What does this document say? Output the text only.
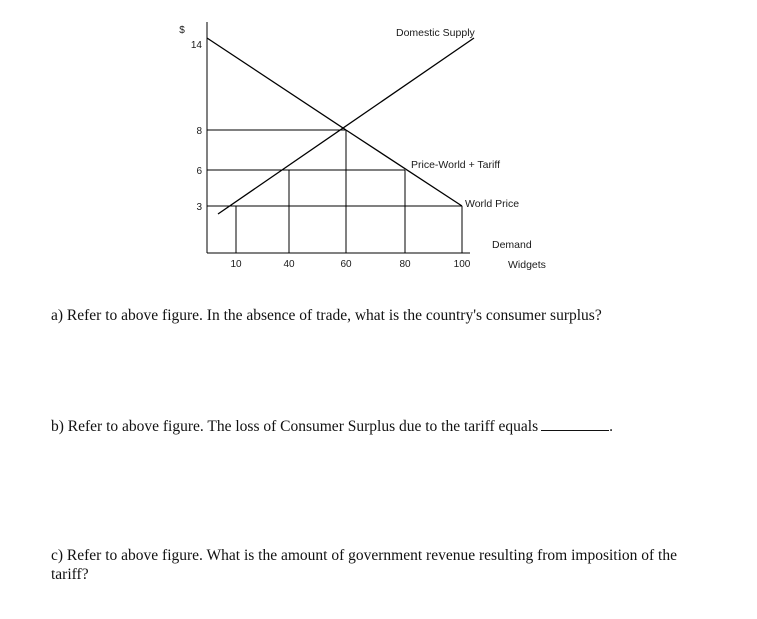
$
14
8
6
3
10	40	60	80	100
Domestic Supply
Price-World + Tariff
World Price
Demand
Widgets
a) Refer to above figure. In the absence of trade, what is the country's consumer surplus?
b) Refer to above figure. The loss of Consumer Surplus due to the tariff equals	.
c) Refer to above figure. What is the amount of government revenue resulting from imposition of the tariff?
